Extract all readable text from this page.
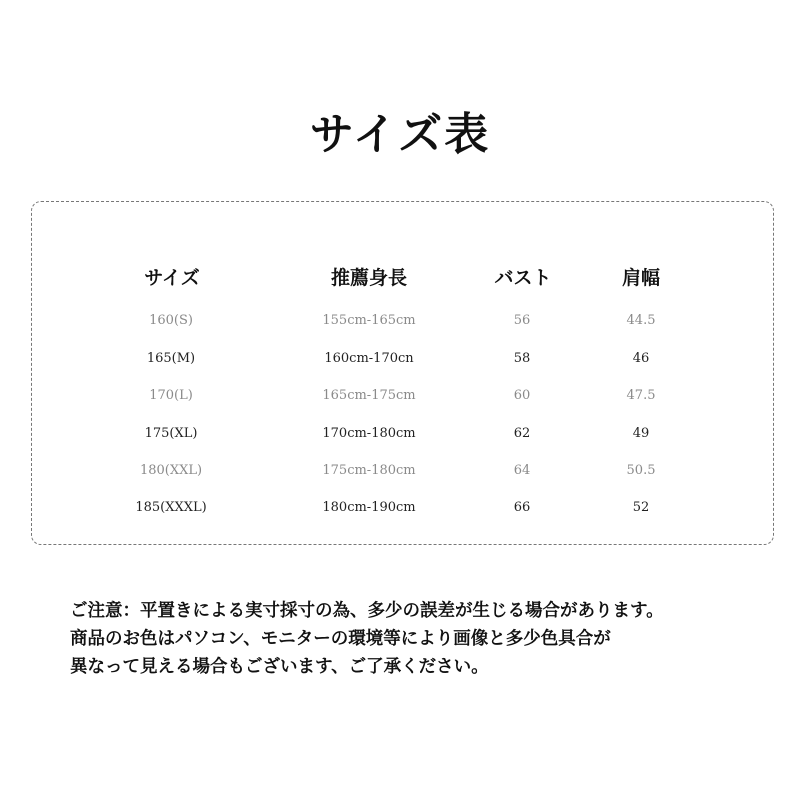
サイズ表
サイズ	推薦身長	バスト	肩幅
160(S)	155cm-165cm	56	44.5
165(M)	160cm-170cn	58	46
170(L)	165cm-175cm	60	47.5
175(XL)	170cm-180cm	62	49
180(XXL)	175cm-180cm	64	50.5
185(XXXL)	180cm-190cm	66	52
ご注意：平置きによる実寸採寸の為、多少の誤差が生じる場合があります。
商品のお色はパソコン、モニターの環境等により画像と多少色具合が
異なって見える場合もございます、ご了承ください。
